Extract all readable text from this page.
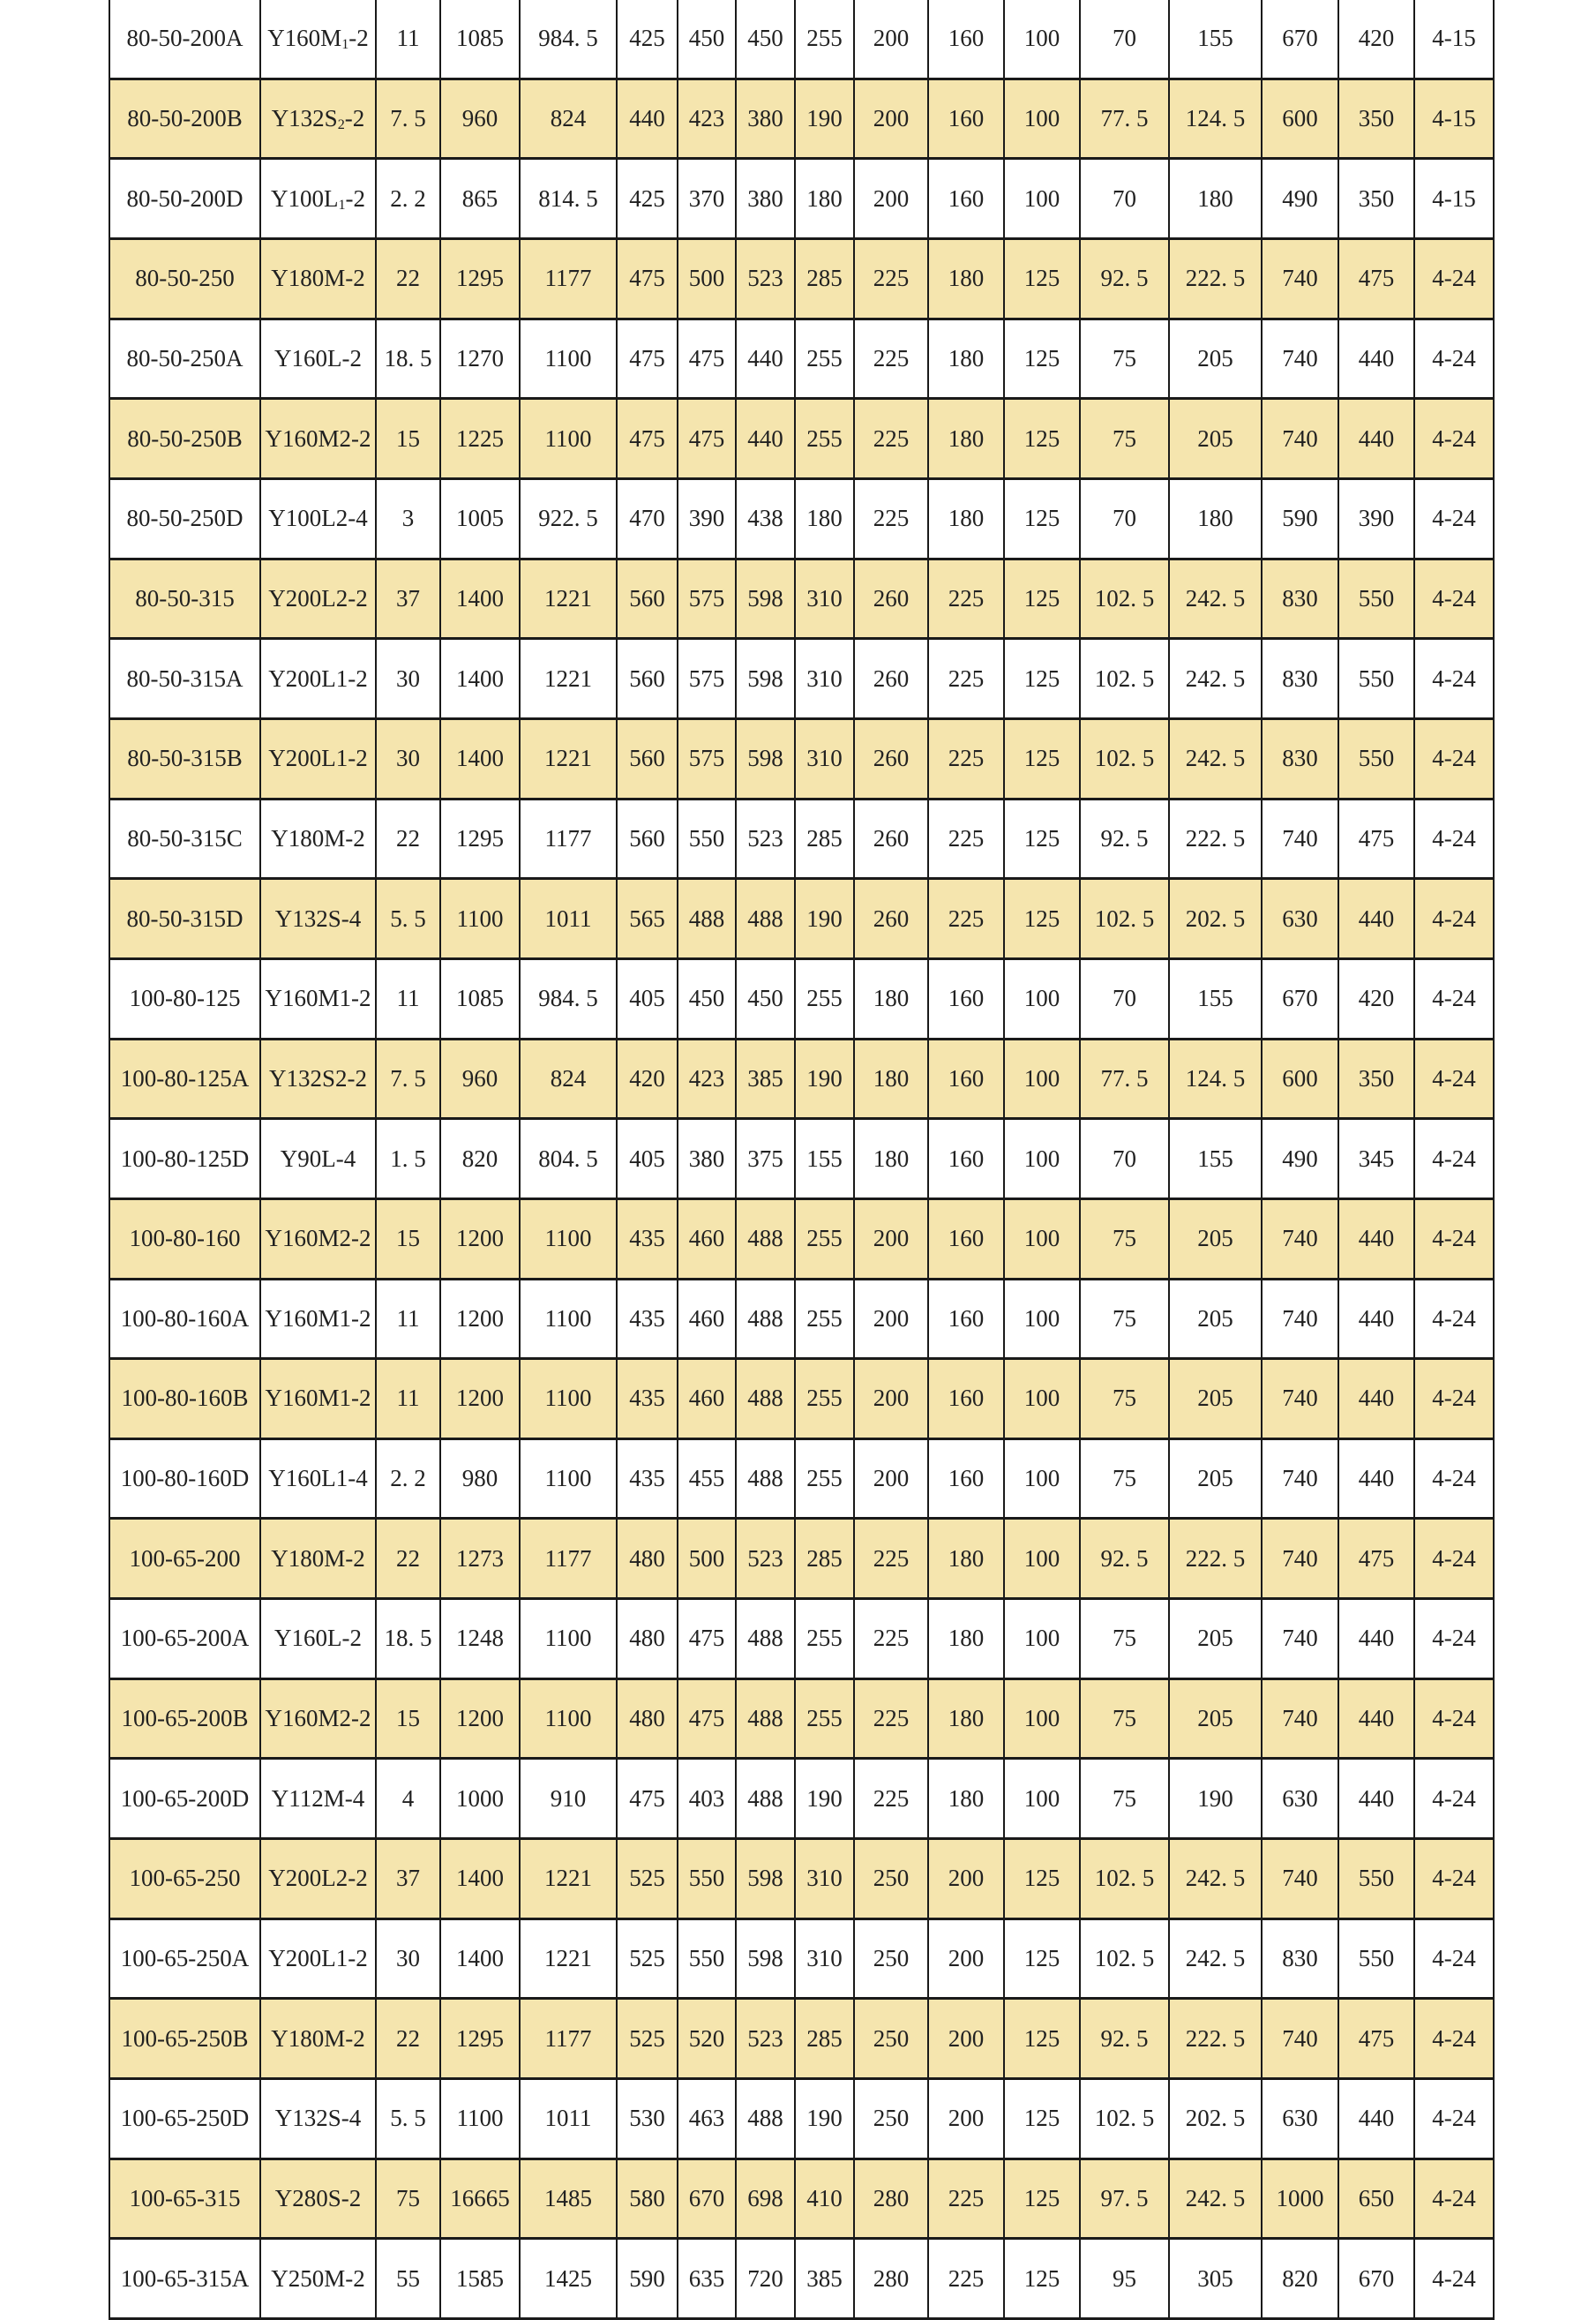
80-50-200A	$Y160M_1-2$	11	1085	984. 5	425	450	450	255	200	160	100	70	155	670	420	4-15
80-50-200B	$Y132S_2-2$	7. 5	960	824	440	423	380	190	200	160	100	77. 5	124. 5	600	350	4-15
80-50-200D	$Y100L_1-2$	2. 2	865	814. 5	425	370	380	180	200	160	100	70	180	490	350	4-15
80-50-250	Y180M-2	22	1295	1177	475	500	523	285	225	180	125	92. 5	222. 5	740	475	4-24
80-50-250A	Y160L-2	18. 5	1270	1100	475	475	440	255	225	180	125	75	205	740	440	4-24
80-50-250B	Y160M2-2	15	1225	1100	475	475	440	255	225	180	125	75	205	740	440	4-24
80-50-250D	Y100L2-4	3	1005	922. 5	470	390	438	180	225	180	125	70	180	590	390	4-24
80-50-315	Y200L2-2	37	1400	1221	560	575	598	310	260	225	125	102. 5	242. 5	830	550	4-24
80-50-315A	Y200L1-2	30	1400	1221	560	575	598	310	260	225	125	102. 5	242. 5	830	550	4-24
80-50-315B	Y200L1-2	30	1400	1221	560	575	598	310	260	225	125	102. 5	242. 5	830	550	4-24
80-50-315C	Y180M-2	22	1295	1177	560	550	523	285	260	225	125	92. 5	222. 5	740	475	4-24
80-50-315D	Y132S-4	5. 5	1100	1011	565	488	488	190	260	225	125	102. 5	202. 5	630	440	4-24
100-80-125	Y160M1-2	11	1085	984. 5	405	450	450	255	180	160	100	70	155	670	420	4-24
100-80-125A	Y132S2-2	7. 5	960	824	420	423	385	190	180	160	100	77. 5	124. 5	600	350	4-24
100-80-125D	Y90L-4	1. 5	820	804. 5	405	380	375	155	180	160	100	70	155	490	345	4-24
100-80-160	Y160M2-2	15	1200	1100	435	460	488	255	200	160	100	75	205	740	440	4-24
100-80-160A	Y160M1-2	11	1200	1100	435	460	488	255	200	160	100	75	205	740	440	4-24
100-80-160B	Y160M1-2	11	1200	1100	435	460	488	255	200	160	100	75	205	740	440	4-24
100-80-160D	Y160L1-4	2. 2	980	1100	435	455	488	255	200	160	100	75	205	740	440	4-24
100-65-200	Y180M-2	22	1273	1177	480	500	523	285	225	180	100	92. 5	222. 5	740	475	4-24
100-65-200A	Y160L-2	18. 5	1248	1100	480	475	488	255	225	180	100	75	205	740	440	4-24
100-65-200B	Y160M2-2	15	1200	1100	480	475	488	255	225	180	100	75	205	740	440	4-24
100-65-200D	Y112M-4	4	1000	910	475	403	488	190	225	180	100	75	190	630	440	4-24
100-65-250	Y200L2-2	37	1400	1221	525	550	598	310	250	200	125	102. 5	242. 5	740	550	4-24
100-65-250A	Y200L1-2	30	1400	1221	525	550	598	310	250	200	125	102. 5	242. 5	830	550	4-24
100-65-250B	Y180M-2	22	1295	1177	525	520	523	285	250	200	125	92. 5	222. 5	740	475	4-24
100-65-250D	Y132S-4	5. 5	1100	1011	530	463	488	190	250	200	125	102. 5	202. 5	630	440	4-24
100-65-315	Y280S-2	75	16665	1485	580	670	698	410	280	225	125	97. 5	242. 5	1000	650	4-24
100-65-315A	Y250M-2	55	1585	1425	590	635	720	385	280	225	125	95	305	820	670	4-24
